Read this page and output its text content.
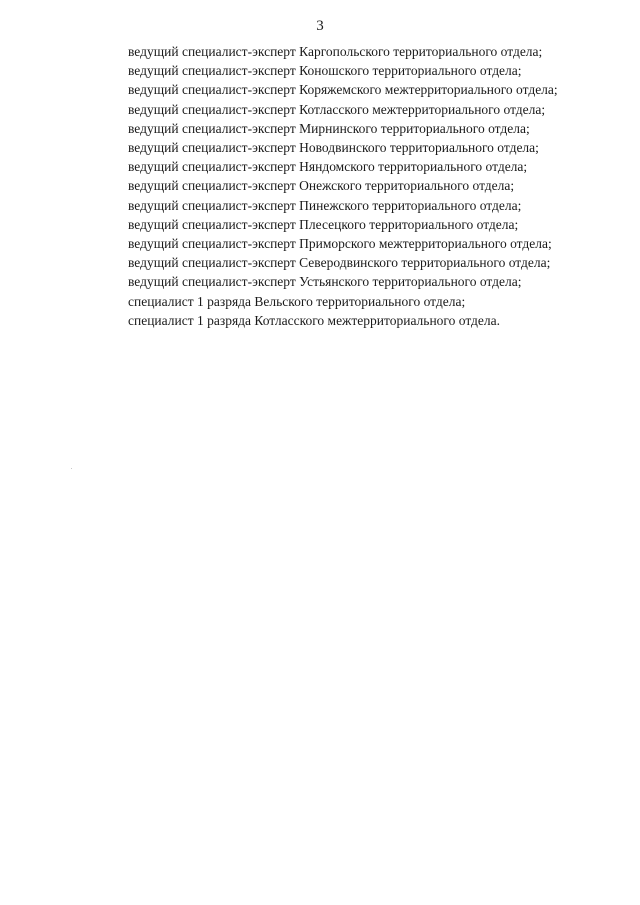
3

ведущий специалист-эксперт Каргопольского территориального отдела;

ведущий специалист-эксперт Коношского территориального отдела;

ведущий специалист-эксперт Коряжемского межтерриториального отдела;

ведущий специалист-эксперт Котласского межтерриториального отдела;

ведущий специалист-эксперт Мирнинского территориального отдела;

ведущий специалист-эксперт Новодвинского территориального отдела;

ведущий специалист-эксперт Няндомского территориального отдела;

ведущий специалист-эксперт Онежского территориального отдела;

ведущий специалист-эксперт Пинежского территориального отдела;

ведущий специалист-эксперт Плесецкого территориального отдела;

ведущий специалист-эксперт Приморского межтерриториального отдела;

ведущий специалист-эксперт Северодвинского территориального отдела;

ведущий специалист-эксперт Устьянского территориального отдела;

специалист 1 разряда Вельского территориального отдела;

специалист 1 разряда Котласского межтерриториального отдела.
